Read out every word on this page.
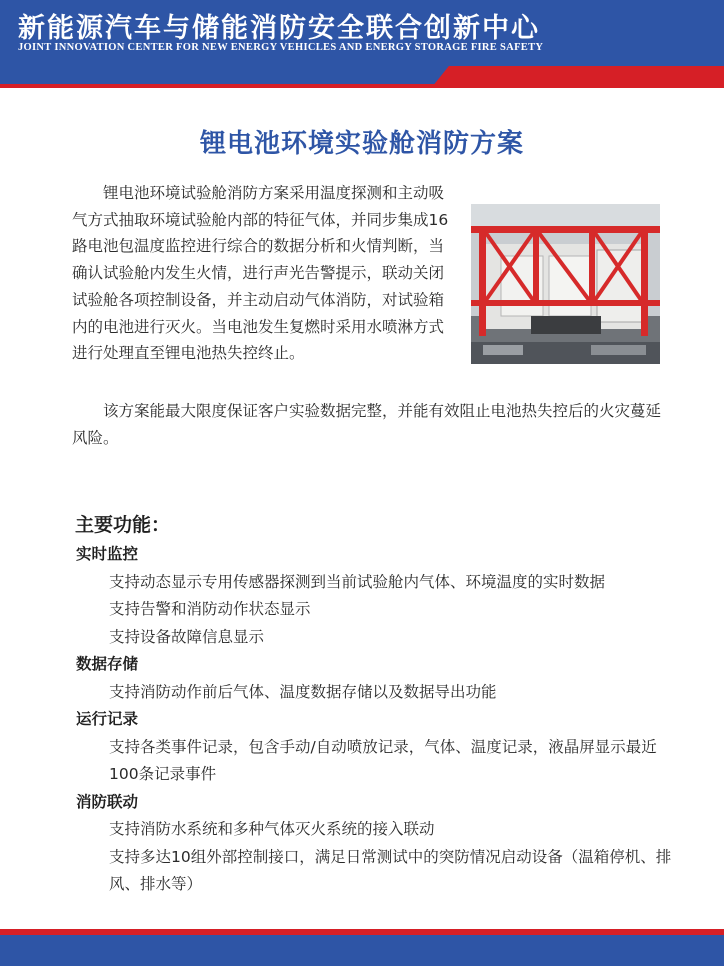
新能源汽车与储能消防安全联合创新中心
JOINT INNOVATION CENTER FOR NEW ENERGY VEHICLES AND ENERGY STORAGE FIRE SAFETY
锂电池环境实验舱消防方案

锂电池环境试验舱消防方案采用温度探测和主动吸气方式抽取环境试验舱内部的特征气体，并同步集成16路电池包温度监控进行综合的数据分析和火情判断，当确认试验舱内发生火情，进行声光告警提示，联动关闭试验舱各项控制设备，并主动启动气体消防，对试验箱内的电池进行灭火。当电池发生复燃时采用水喷淋方式进行处理直至锂电池热失控终止。

该方案能最大限度保证客户实验数据完整，并能有效阻止电池热失控后的火灾蔓延风险。

主要功能：
实时监控
支持动态显示专用传感器探测到当前试验舱内气体、环境温度的实时数据
支持告警和消防动作状态显示
支持设备故障信息显示
数据存储
支持消防动作前后气体、温度数据存储以及数据导出功能
运行记录
支持各类事件记录，包含手动/自动喷放记录，气体、温度记录，液晶屏显示最近100条记录事件
消防联动
支持消防水系统和多种气体灭火系统的接入联动
支持多达10组外部控制接口，满足日常测试中的突防情况启动设备（温箱停机、排风、排水等）
